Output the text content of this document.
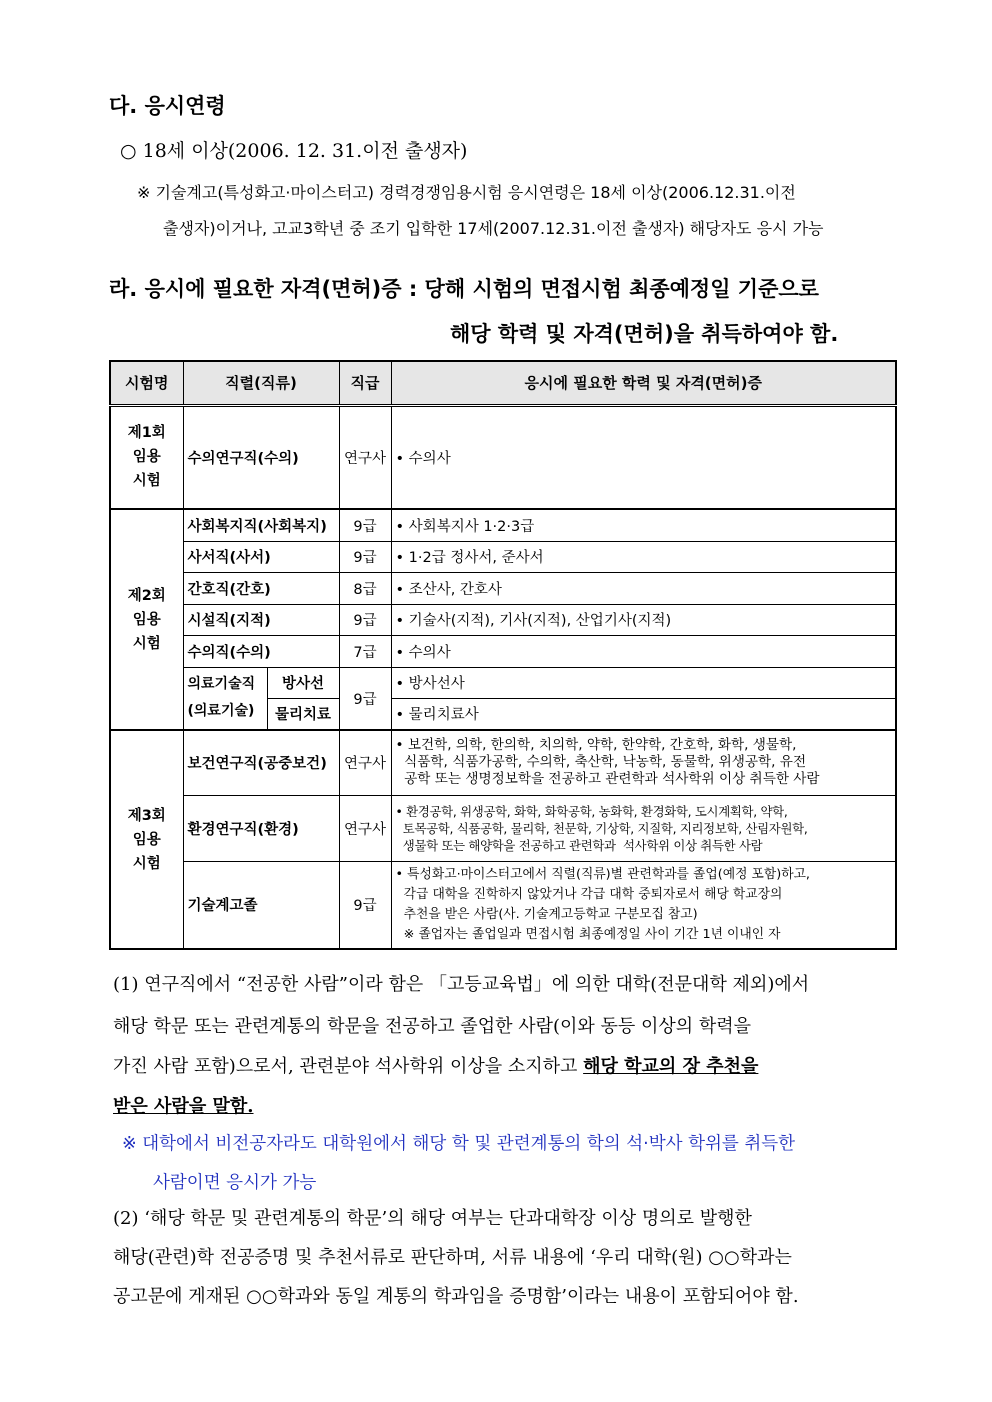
다. 응시연령
○ 18세 이상(2006. 12. 31.이전 출생자)
※ 기술계고(특성화고·마이스터고) 경력경쟁임용시험 응시연령은 18세 이상(2006.12.31.이전
출생자)이거나, 고교3학년 중 조기 입학한 17세(2007.12.31.이전 출생자) 해당자도 응시 가능
라. 응시에 필요한 자격(면허)증 : 당해 시험의 면접시험 최종예정일 기준으로
해당 학력 및 자격(면허)을 취득하여야 함.
시험명	직렬(직류)		직급	응시에 필요한 학력 및 자격(면허)증
제1회
임용
시험	수의연구직(수의)		연구사	• 수의사
제2회
임용
시험	사회복지직(사회복지)		9급	• 사회복지사 1·2·3급
	사서직(사서)		9급	• 1·2급 정사서, 준사서
	간호직(간호)		8급	• 조산사, 간호사
	시설직(지적)		9급	• 기술사(지적), 기사(지적), 산업기사(지적)
	수의직(수의)		7급	• 수의사
	의료기술직
(의료기술)	방사선	9급	• 방사선사
		물리치료		• 물리치료사
제3회
임용
시험	보건연구직(공중보건)		연구사	• 보건학, 의학, 한의학, 치의학, 약학, 한약학, 간호학, 화학, 생물학,
식품학, 식품가공학, 수의학, 축산학, 낙농학, 동물학, 위생공학, 유전
공학 또는 생명정보학을 전공하고 관련학과 석사학위 이상 취득한 사람
	환경연구직(환경)		연구사	• 환경공학, 위생공학, 화학, 화학공학, 농화학, 환경화학, 도시계획학, 약학,
토목공학, 식품공학, 물리학, 천문학, 기상학, 지질학, 지리정보학, 산림자원학,
생물학 또는 해양학을 전공하고 관련학과  석사학위 이상 취득한 사람
	기술계고졸		9급	• 특성화고·마이스터고에서 직렬(직류)별 관련학과를 졸업(예정 포함)하고,
각급 대학을 진학하지 않았거나 각급 대학 중퇴자로서 해당 학교장의
추천을 받은 사람(사. 기술계고등학교 구분모집 참고)
※ 졸업자는 졸업일과 면접시험 최종예정일 사이 기간 1년 이내인 자
(1) 연구직에서 “전공한 사람”이라 함은 「고등교육법」에 의한 대학(전문대학 제외)에서
해당 학문 또는 관련계통의 학문을 전공하고 졸업한 사람(이와 동등 이상의 학력을
가진 사람 포함)으로서, 관련분야 석사학위 이상을 소지하고 해당 학교의 장 추천을
받은 사람을 말함.
※ 대학에서 비전공자라도 대학원에서 해당 학 및 관련계통의 학의 석·박사 학위를 취득한
사람이면 응시가 가능
(2) ‘해당 학문 및 관련계통의 학문’의 해당 여부는 단과대학장 이상 명의로 발행한
해당(관련)학 전공증명 및 추천서류로 판단하며, 서류 내용에 ‘우리 대학(원) ○○학과는
공고문에 게재된 ○○학과와 동일 계통의 학과임을 증명함’이라는 내용이 포함되어야 함.
